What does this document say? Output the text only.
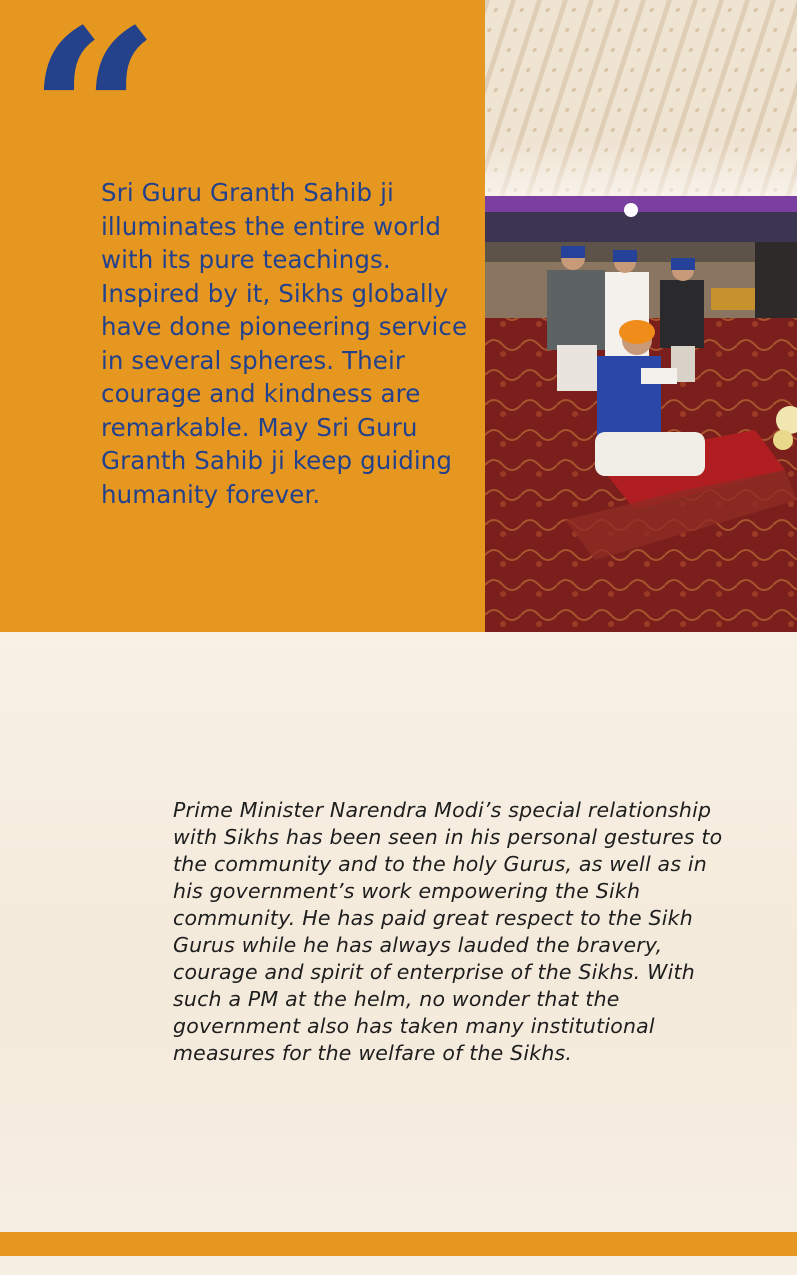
“

Sri Guru Granth Sahib ji illuminates the entire world with its pure teachings. Inspired by it, Sikhs globally have done pioneering service in several spheres. Their courage and kindness are remarkable. May Sri Guru Granth Sahib ji keep guiding humanity forever.

Prime Minister Narendra Modi’s special relationship with Sikhs has been seen in his personal gestures to the community and to the holy Gurus, as well as in his government’s work empowering the Sikh community. He has paid great respect to the Sikh Gurus while he has always lauded the bravery, courage and spirit of enterprise of the Sikhs. With such a PM at the helm, no wonder that the government also has taken many institutional measures for the welfare of the Sikhs.
